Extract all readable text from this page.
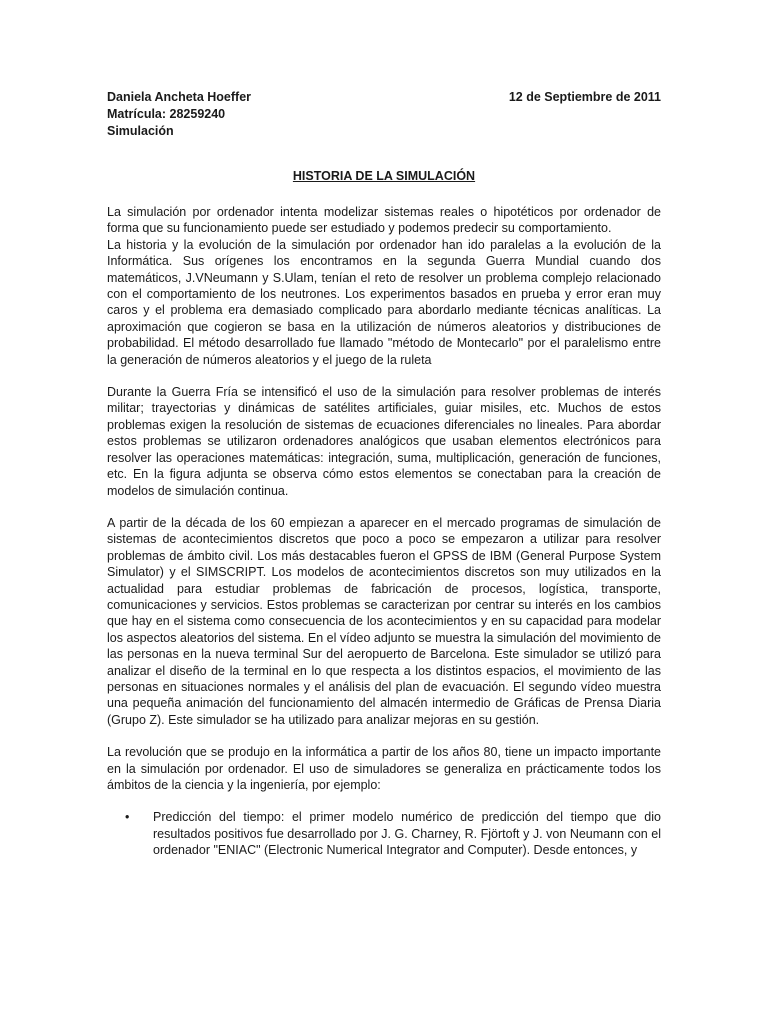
Daniela Ancheta Hoeffer	12 de Septiembre de 2011
Matrícula: 28259240
Simulación
HISTORIA DE LA SIMULACIÓN

La simulación por ordenador intenta modelizar sistemas reales o hipotéticos por ordenador de forma que su funcionamiento puede ser estudiado y podemos predecir su comportamiento.

La historia y la evolución de la simulación por ordenador han ido paralelas a la evolución de la Informática. Sus orígenes los encontramos en la segunda Guerra Mundial cuando dos matemáticos, J.VNeumann y S.Ulam, tenían el reto de resolver un problema complejo relacionado con el comportamiento de los neutrones. Los experimentos basados en prueba y error eran muy caros y el problema era demasiado complicado para abordarlo mediante técnicas analíticas. La aproximación que cogieron se basa en la utilización de números aleatorios y distribuciones de probabilidad. El método desarrollado fue llamado "método de Montecarlo" por el paralelismo entre la generación de números aleatorios y el juego de la ruleta

Durante la Guerra Fría se intensificó el uso de la simulación para resolver problemas de interés militar; trayectorias y dinámicas de satélites artificiales, guiar misiles, etc. Muchos de estos problemas exigen la resolución de sistemas de ecuaciones diferenciales no lineales. Para abordar estos problemas se utilizaron ordenadores analógicos que usaban elementos electrónicos para resolver las operaciones matemáticas: integración, suma, multiplicación, generación de funciones, etc. En la figura adjunta se observa cómo estos elementos se conectaban para la creación de modelos de simulación continua.

A partir de la década de los 60 empiezan a aparecer en el mercado programas de simulación de sistemas de acontecimientos discretos que poco a poco se empezaron a utilizar para resolver problemas de ámbito civil. Los más destacables fueron el GPSS de IBM (General Purpose System Simulator) y el SIMSCRIPT. Los modelos de acontecimientos discretos son muy utilizados en la actualidad para estudiar problemas de fabricación de procesos, logística, transporte, comunicaciones y servicios. Estos problemas se caracterizan por centrar su interés en los cambios que hay en el sistema como consecuencia de los acontecimientos y en su capacidad para modelar los aspectos aleatorios del sistema. En el vídeo adjunto se muestra la simulación del movimiento de las personas en la nueva terminal Sur del aeropuerto de Barcelona. Este simulador se utilizó para analizar el diseño de la terminal en lo que respecta a los distintos espacios, el movimiento de las personas en situaciones normales y el análisis del plan de evacuación. El segundo vídeo muestra una pequeña animación del funcionamiento del almacén intermedio de Gráficas de Prensa Diaria (Grupo Z). Este simulador se ha utilizado para analizar mejoras en su gestión.

La revolución que se produjo en la informática a partir de los años 80, tiene un impacto importante en la simulación por ordenador. El uso de simuladores se generaliza en prácticamente todos los ámbitos de la ciencia y la ingeniería, por ejemplo:

• Predicción del tiempo: el primer modelo numérico de predicción del tiempo que dio resultados positivos fue desarrollado por J. G. Charney, R. Fjörtoft y J. von Neumann con el ordenador "ENIAC" (Electronic Numerical Integrator and Computer). Desde entonces, y
